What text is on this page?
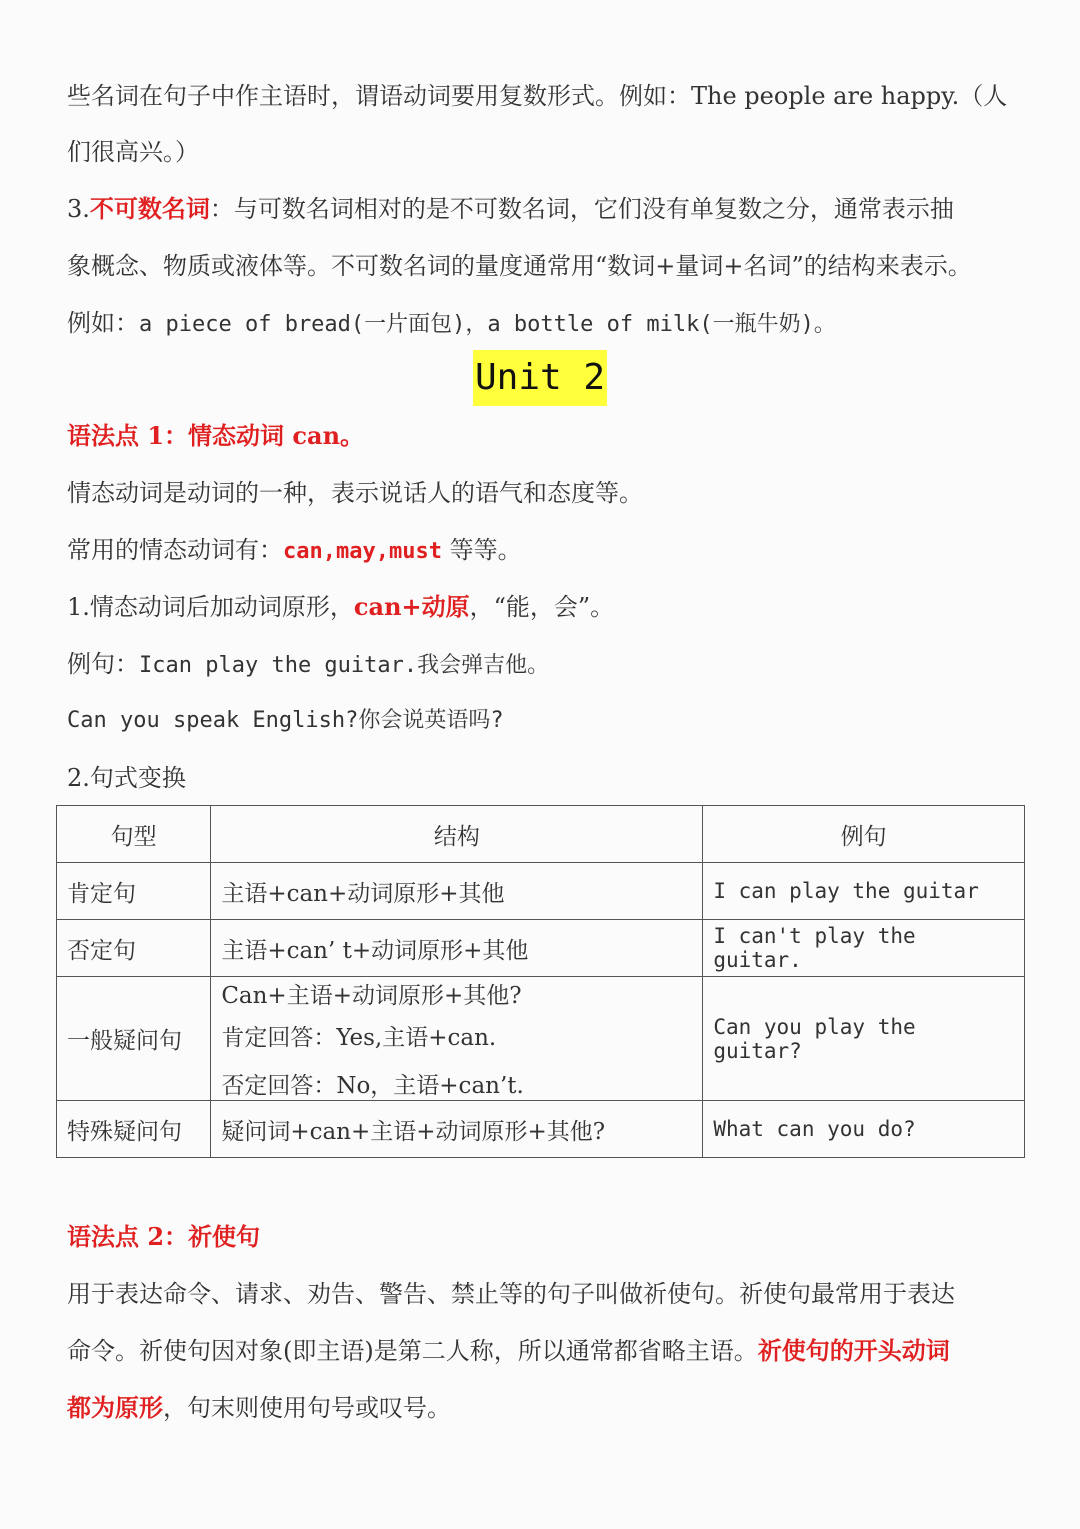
些名词在句子中作主语时，谓语动词要用复数形式。例如：The people are happy.（人
们很高兴。）
3.不可数名词：与可数名词相对的是不可数名词，它们没有单复数之分，通常表示抽
象概念、物质或液体等。不可数名词的量度通常用“数词+量词+名词”的结构来表示。
例如：a piece of bread(一片面包)，a bottle of milk(一瓶牛奶)。
Unit 2
语法点 1：情态动词 can。
情态动词是动词的一种，表示说话人的语气和态度等。
常用的情态动词有：can,may,must 等等。
1.情态动词后加动词原形，can+动原，“能，会”。
例句：Ican play the guitar.我会弹吉他。
Can you speak English?你会说英语吗?
2.句式变换
句型	结构	例句
肯定句	主语+can+动词原形+其他	I can play the guitar
否定句	主语+can’ t+动词原形+其他	I can't play the guitar.
一般疑问句	Can+主语+动词原形+其他?
肯定回答：Yes,主语+can.
否定回答：No，主语+can’t.	Can you play the guitar?
特殊疑问句	疑问词+can+主语+动词原形+其他?	What can you do?
语法点 2：祈使句
用于表达命令、请求、劝告、警告、禁止等的句子叫做祈使句。祈使句最常用于表达
命令。祈使句因对象(即主语)是第二人称，所以通常都省略主语。祈使句的开头动词
都为原形，句末则使用句号或叹号。
